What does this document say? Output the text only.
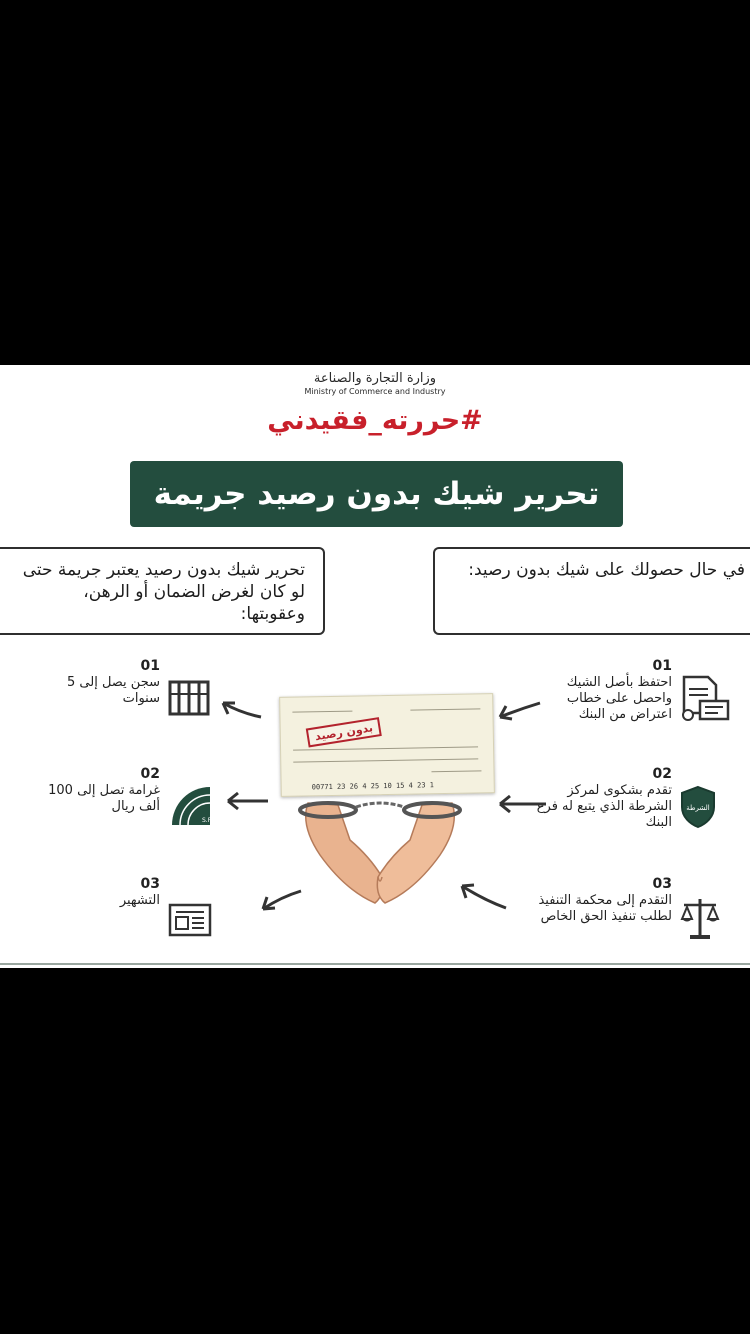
وزارة التجارة والصناعة
Ministry of Commerce and Industry
#حررته_فقيدني
تحرير شيك بدون رصيد جريمة
تحرير شيك بدون رصيد يعتبر جريمة حتى لو كان لغرض الضمان أو الرهن، وعقوبتها:
في حال حصولك على شيك بدون رصيد:
01
سجن يصل إلى 5 سنوات
02
غرامة تصل إلى 100 ألف ريال
S.R
03
التشهير
01
احتفظ بأصل الشيك واحصل على خطاب اعتراض من البنك
02
تقدم بشكوى لمركز الشرطة الذي يتبع له فرع البنك
الشرطة
03
التقدم إلى محكمة التنفيذ لطلب تنفيذ الحق الخاص
بدون رصيد
00771 23 26 4 25 10 15 4 23 1
